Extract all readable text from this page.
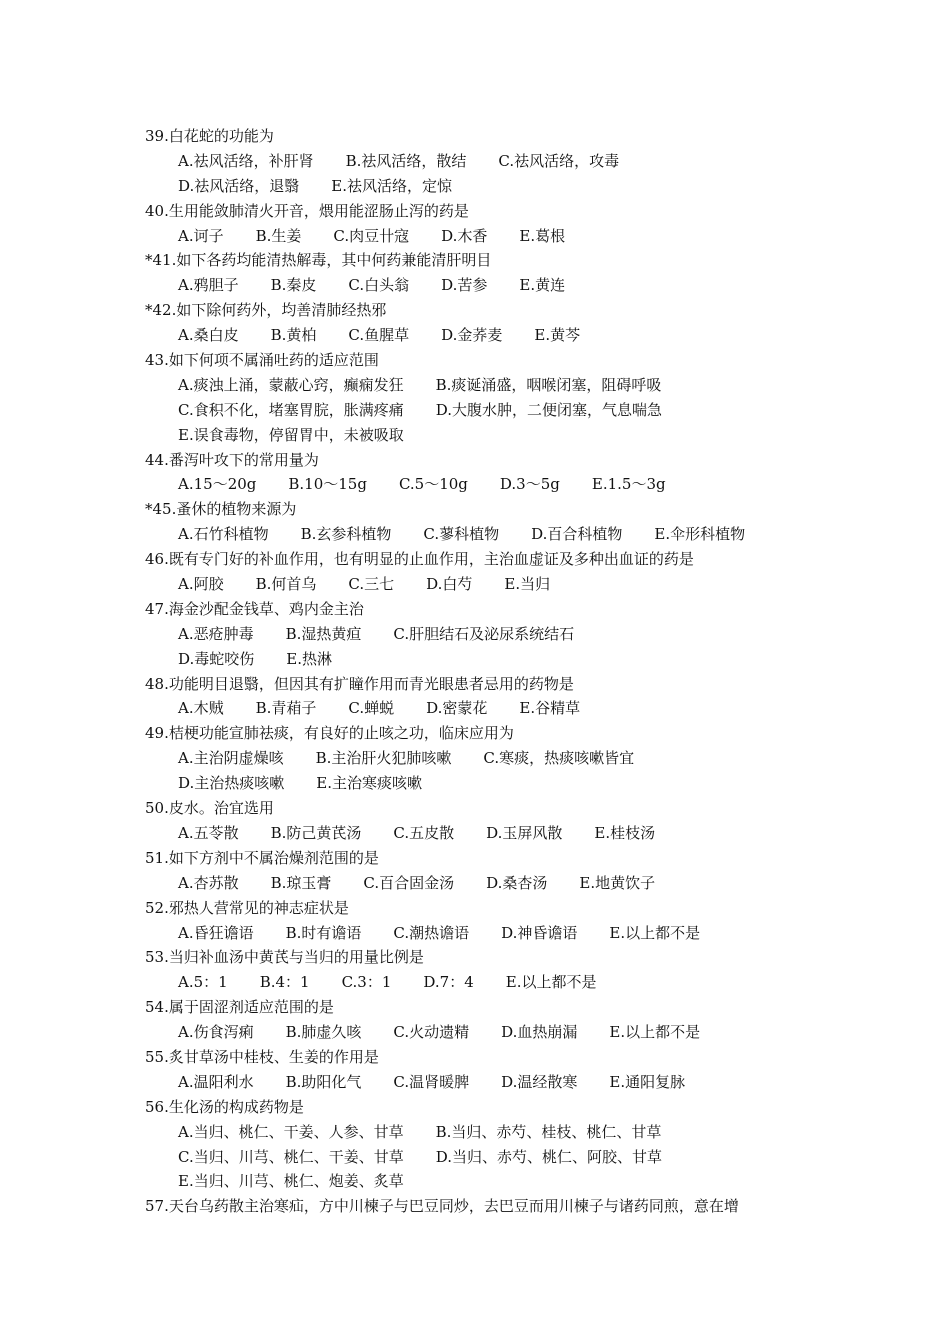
39.白花蛇的功能为
A.祛风活络，补肝肾 B.祛风活络，散结 C.祛风活络，攻毒
D.祛风活络，退翳 E.祛风活络，定惊
40.生用能敛肺清火开音，煨用能涩肠止泻的药是
A.诃子 B.生姜 C.肉豆卄寇 D.木香 E.葛根
*41.如下各药均能清热解毒，其中何药兼能清肝明目
A.鸦胆子 B.秦皮 C.白头翁 D.苦参 E.黄连
*42.如下除何药外，均善清肺经热邪
A.桑白皮 B.黄柏 C.鱼腥草 D.金荞麦 E.黄芩
43.如下何项不属涌吐药的适应范围
A.痰浊上涌，蒙蔽心窍，癫痫发狂 B.痰诞涌盛，咽喉闭塞，阻碍呼吸
C.食积不化，堵塞胃脘，胀满疼痛 D.大腹水肿，二便闭塞，气息喘急
E.误食毒物，停留胃中，未被吸取
44.番泻叶攻下的常用量为
A.15～20g B.10～15g C.5～10g D.3～5g E.1.5～3g
*45.蚤休的植物来源为
A.石竹科植物 B.玄参科植物 C.蓼科植物 D.百合科植物 E.伞形科植物
46.既有专门好的补血作用，也有明显的止血作用，主治血虚证及多种出血证的药是
A.阿胶 B.何首乌 C.三七 D.白芍 E.当归
47.海金沙配金钱草、鸡内金主治
A.恶疮肿毒 B.湿热黄疸 C.肝胆结石及泌尿系统结石
D.毒蛇咬伤 E.热淋
48.功能明目退翳，但因其有扩瞳作用而青光眼患者忌用的药物是
A.木贼 B.青葙子 C.蝉蜕 D.密蒙花 E.谷精草
49.桔梗功能宣肺祛痰，有良好的止咳之功，临床应用为
A.主治阴虚燥咳 B.主治肝火犯肺咳嗽 C.寒痰，热痰咳嗽皆宜
D.主治热痰咳嗽 E.主治寒痰咳嗽
50.皮水。治宜选用
A.五苓散 B.防己黄芪汤 C.五皮散 D.玉屏风散 E.桂枝汤
51.如下方剂中不属治燥剂范围的是
A.杏苏散 B.琼玉膏 C.百合固金汤 D.桑杏汤 E.地黄饮子
52.邪热人营常见的神志症状是
A.昏狂谵语 B.时有谵语 C.潮热谵语 D.神昏谵语 E.以上都不是
53.当归补血汤中黄芪与当归的用量比例是
A.5：1 B.4：1 C.3：1 D.7：4 E.以上都不是
54.属于固涩剂适应范围的是
A.伤食泻痢 B.肺虚久咳 C.火动遗精 D.血热崩漏 E.以上都不是
55.炙甘草汤中桂枝、生姜的作用是
A.温阳利水 B.助阳化气 C.温肾暖脾 D.温经散寒 E.通阳复脉
56.生化汤的构成药物是
A.当归、桃仁、干姜、人参、甘草 B.当归、赤芍、桂枝、桃仁、甘草
C.当归、川芎、桃仁、干姜、甘草 D.当归、赤芍、桃仁、阿胶、甘草
E.当归、川芎、桃仁、炮姜、炙草
57.天台乌药散主治寒疝，方中川楝子与巴豆同炒，去巴豆而用川楝子与诸药同煎，意在增
